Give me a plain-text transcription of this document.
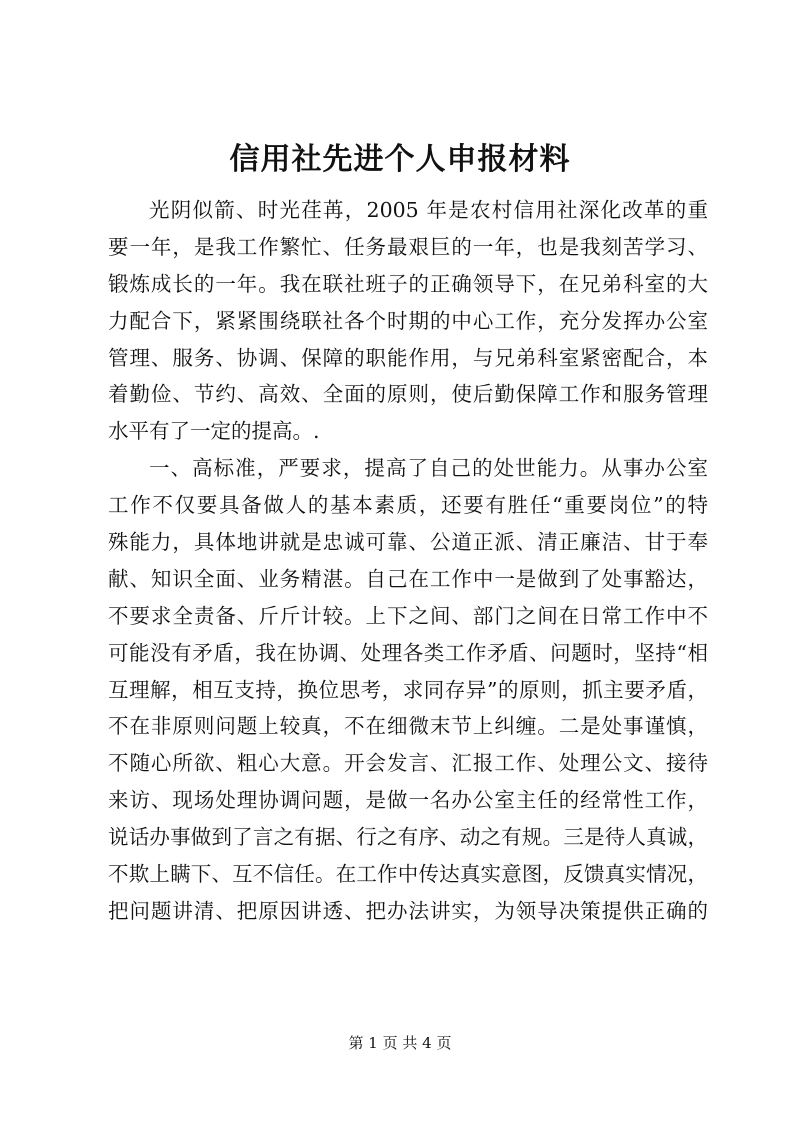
信用社先进个人申报材料
光阴似箭、时光荏苒，2005 年是农村信用社深化改革的重
要一年，是我工作繁忙、任务最艰巨的一年，也是我刻苦学习、
锻炼成长的一年。我在联社班子的正确领导下，在兄弟科室的大
力配合下，紧紧围绕联社各个时期的中心工作，充分发挥办公室
管理、服务、协调、保障的职能作用，与兄弟科室紧密配合，本
着勤俭、节约、高效、全面的原则，使后勤保障工作和服务管理
水平有了一定的提高。.
一、高标准，严要求，提高了自己的处世能力。从事办公室
工作不仅要具备做人的基本素质，还要有胜任“重要岗位”的特
殊能力，具体地讲就是忠诚可靠、公道正派、清正廉洁、甘于奉
献、知识全面、业务精湛。自己在工作中一是做到了处事豁达，
不要求全责备、斤斤计较。上下之间、部门之间在日常工作中不
可能没有矛盾，我在协调、处理各类工作矛盾、问题时，坚持“相
互理解，相互支持，换位思考，求同存异”的原则，抓主要矛盾，
不在非原则问题上较真，不在细微末节上纠缠。二是处事谨慎，
不随心所欲、粗心大意。开会发言、汇报工作、处理公文、接待
来访、现场处理协调问题，是做一名办公室主任的经常性工作，
说话办事做到了言之有据、行之有序、动之有规。三是待人真诚，
不欺上瞒下、互不信任。在工作中传达真实意图，反馈真实情况，
把问题讲清、把原因讲透、把办法讲实，为领导决策提供正确的
第 1 页 共 4 页
